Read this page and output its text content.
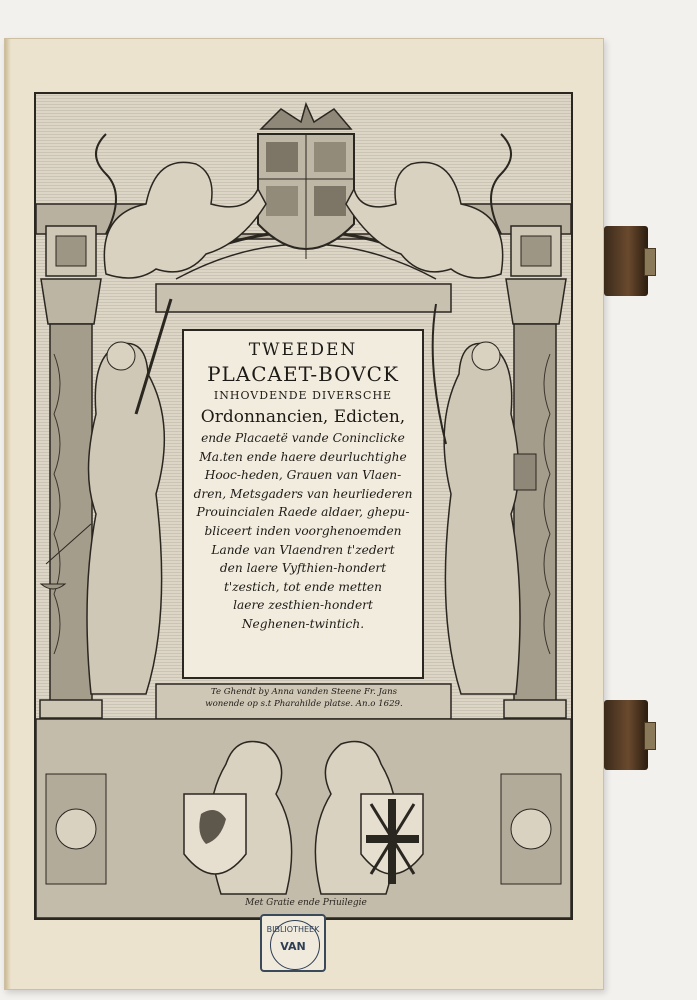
TWEEDEN
PLACAET-BOVCK
INHOVDENDE DIVERSCHE
Ordonnancien, Edicten,
ende Placaetë vande Coninclicke
Ma.ten ende haere deurluchtighe
Hooc-heden, Grauen van Vlaen-
dren, Metsgaders van heurliederen
Prouincialen Raede aldaer, ghepu-
bliceert inden voorghenoemden
Lande van Vlaendren t'zedert
den laere Vyfthien-hondert
t'zestich, tot ende metten
laere zesthien-hondert
Neghenen-twintich.
Te Ghendt by Anna vanden Steene Fr. Jans
wonende op s.t Pharahilde platse. An.o 1629.
Met Gratie ende Priuilegie
BIBLIOTHEEK
VAN
